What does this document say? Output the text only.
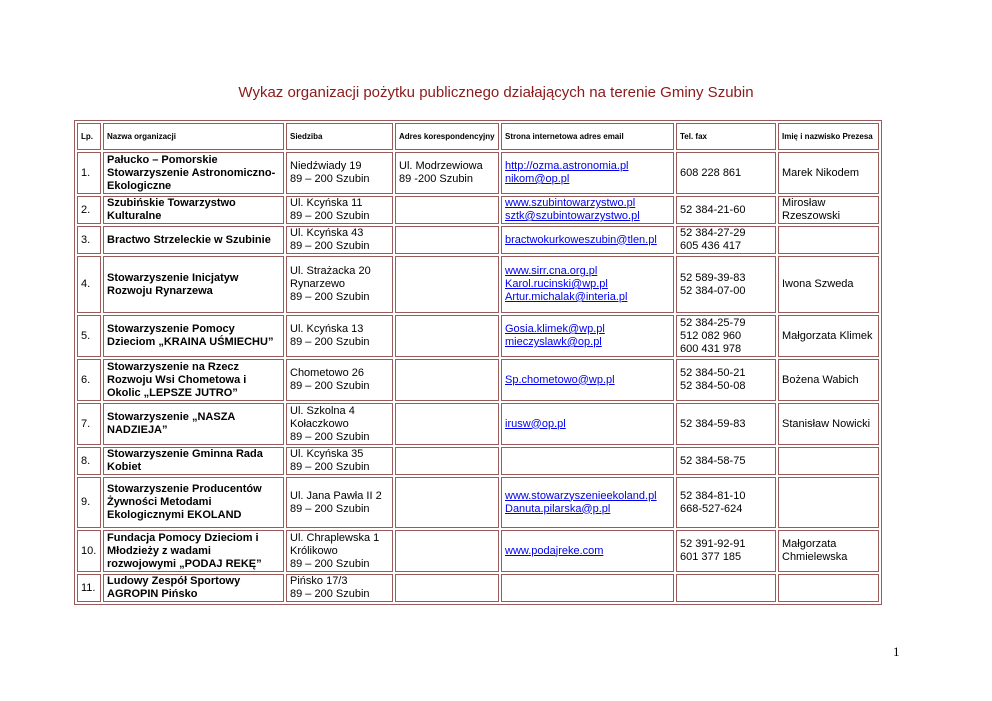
Wykaz organizacji pożytku publicznego działających na terenie Gminy Szubin
Lp.	Nazwa organizacji	Siedziba	Adres korespondencyjny	Strona internetowa adres email	Tel. fax	Imię i nazwisko Prezesa
1.	Pałucko – Pomorskie Stowarzyszenie Astronomiczno-Ekologiczne	Niedźwiady 19
89 – 200 Szubin	Ul. Modrzewiowa
89 -200 Szubin	http://ozma.astronomia.pl
nikom@op.pl	608 228 861	Marek Nikodem
2.	Szubińskie Towarzystwo Kulturalne	Ul. Kcyńska 11
89 – 200 Szubin		www.szubintowarzystwo.pl
sztk@szubintowarzystwo.pl	52 384-21-60	Mirosław Rzeszowski
3.	Bractwo Strzeleckie w Szubinie	Ul. Kcyńska 43
89 – 200 Szubin		bractwokurkoweszubin@tlen.pl	52 384-27-29
605 436 417	

4.	Stowarzyszenie Inicjatyw Rozwoju Rynarzewa	Ul. Strażacka 20
Rynarzewo
89 – 200 Szubin		www.sirr.cna.org.pl
Karol.rucinski@wp.pl
Artur.michalak@interia.pl	52 589-39-83
52 384-07-00	Iwona Szweda
5.	Stowarzyszenie Pomocy Dzieciom „KRAINA UŚMIECHU”	Ul. Kcyńska 13
89 – 200 Szubin		Gosia.klimek@wp.pl
mieczyslawk@op.pl	52 384-25-79
512 082 960
600 431 978	Małgorzata Klimek
6.	Stowarzyszenie na Rzecz Rozwoju Wsi Chometowa i Okolic „LEPSZE JUTRO”	Chometowo 26
89 – 200 Szubin		Sp.chometowo@wp.pl	52 384-50-21
52 384-50-08	Bożena Wabich
7.	Stowarzyszenie „NASZA NADZIEJA”	Ul. Szkolna 4
Kołaczkowo
89 – 200 Szubin		irusw@op.pl	52 384-59-83	Stanisław Nowicki
8.	Stowarzyszenie Gminna Rada Kobiet	Ul. Kcyńska 35
89 – 200 Szubin			52 384-58-75	

9.	Stowarzyszenie Producentów Żywności Metodami Ekologicznymi EKOLAND	Ul. Jana Pawła II 2
89 – 200 Szubin		www.stowarzyszenieekoland.pl
Danuta.pilarska@p.pl	52 384-81-10
668-527-624	

10.	Fundacja Pomocy Dzieciom i Młodzieży z wadami rozwojowymi „PODAJ REKĘ”	Ul. Chraplewska 1
Królikowo
89 – 200 Szubin		www.podajreke.com	52 391-92-91
601 377 185	Małgorzata Chmielewska
11.	Ludowy Zespół Sportowy AGROPIN Pińsko	Pińsko 17/3
89 – 200 Szubin				

1
